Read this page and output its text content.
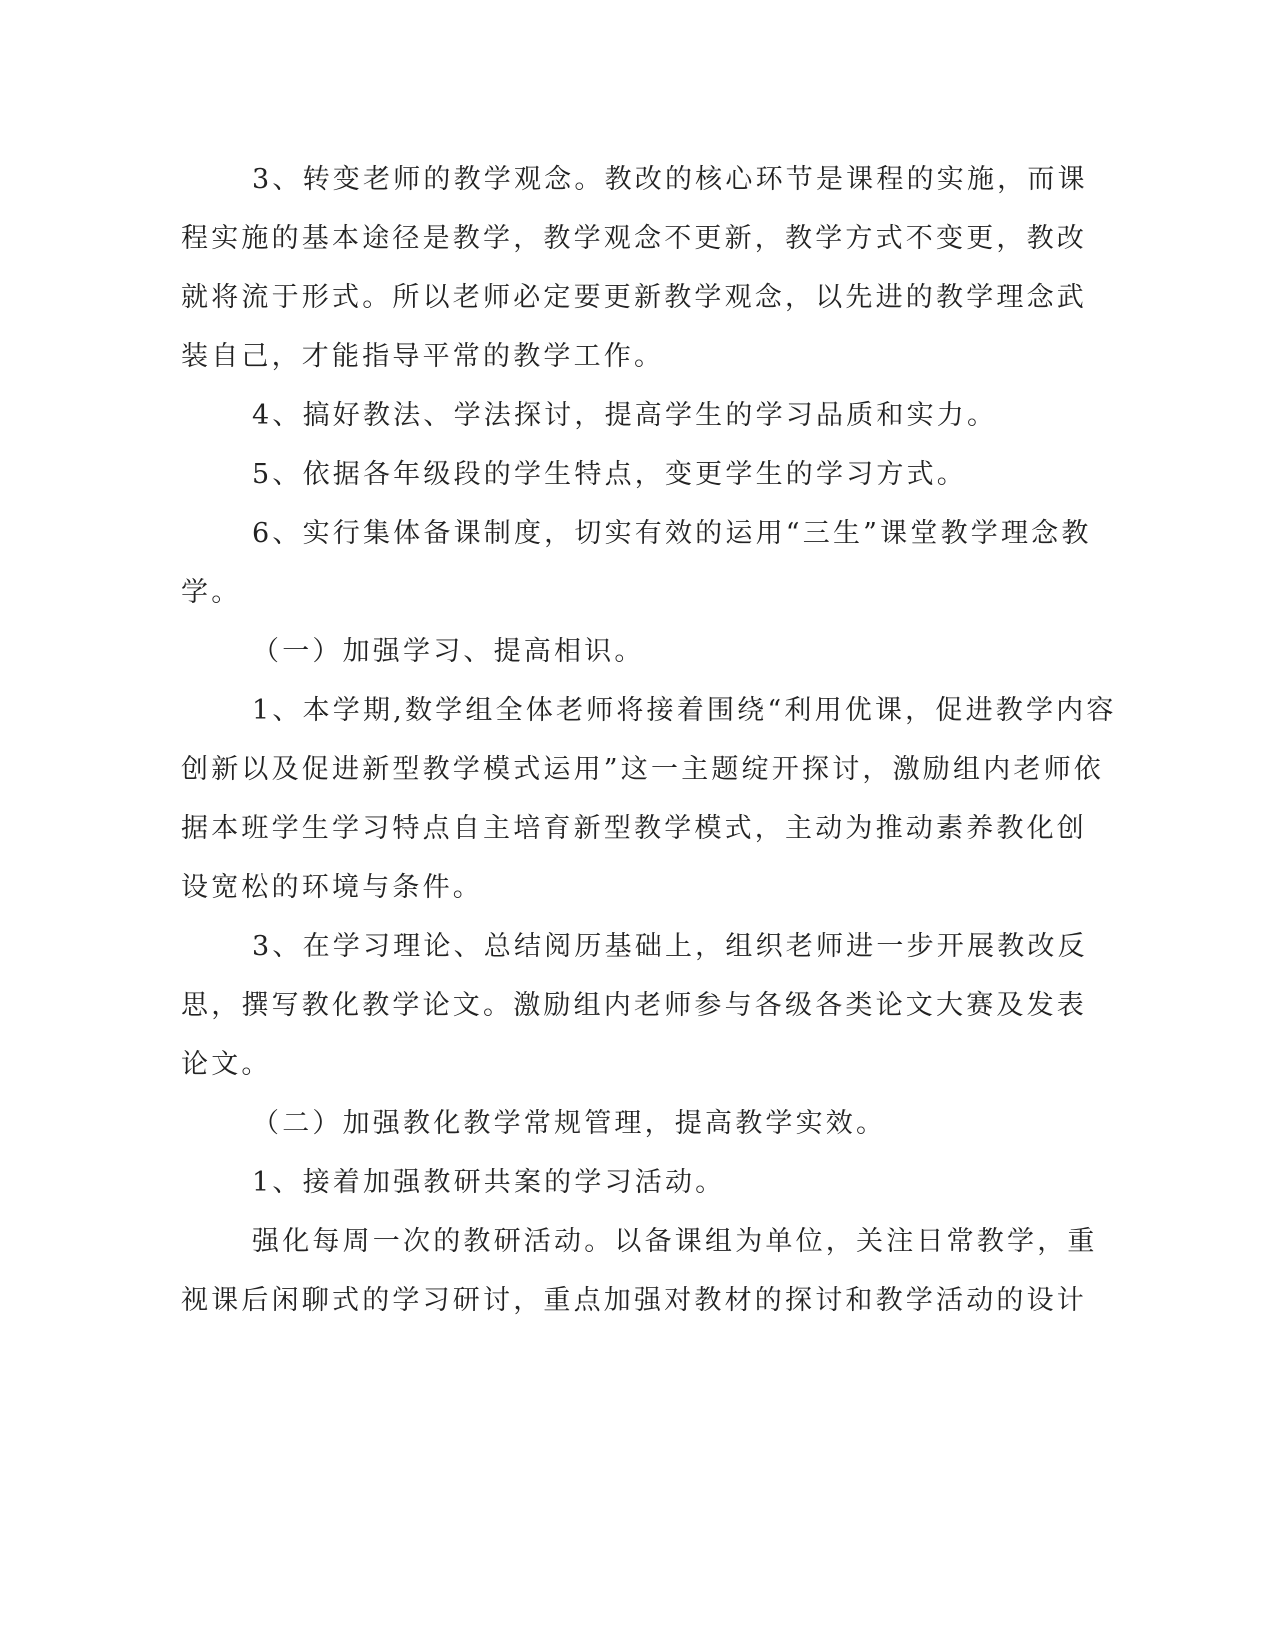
3、转变老师的教学观念。教改的核心环节是课程的实施，而课

程实施的基本途径是教学，教学观念不更新，教学方式不变更，教改

就将流于形式。所以老师必定要更新教学观念，以先进的教学理念武

装自己，才能指导平常的教学工作。

4、搞好教法、学法探讨，提高学生的学习品质和实力。

5、依据各年级段的学生特点，变更学生的学习方式。

6、实行集体备课制度，切实有效的运用“三生”课堂教学理念教

学。

（一）加强学习、提高相识。

1、本学期,数学组全体老师将接着围绕“利用优课，促进教学内容

创新以及促进新型教学模式运用”这一主题绽开探讨，激励组内老师依

据本班学生学习特点自主培育新型教学模式，主动为推动素养教化创

设宽松的环境与条件。

3、在学习理论、总结阅历基础上，组织老师进一步开展教改反

思，撰写教化教学论文。激励组内老师参与各级各类论文大赛及发表

论文。

（二）加强教化教学常规管理，提高教学实效。

1、接着加强教研共案的学习活动。

强化每周一次的教研活动。以备课组为单位，关注日常教学，重

视课后闲聊式的学习研讨，重点加强对教材的探讨和教学活动的设计
